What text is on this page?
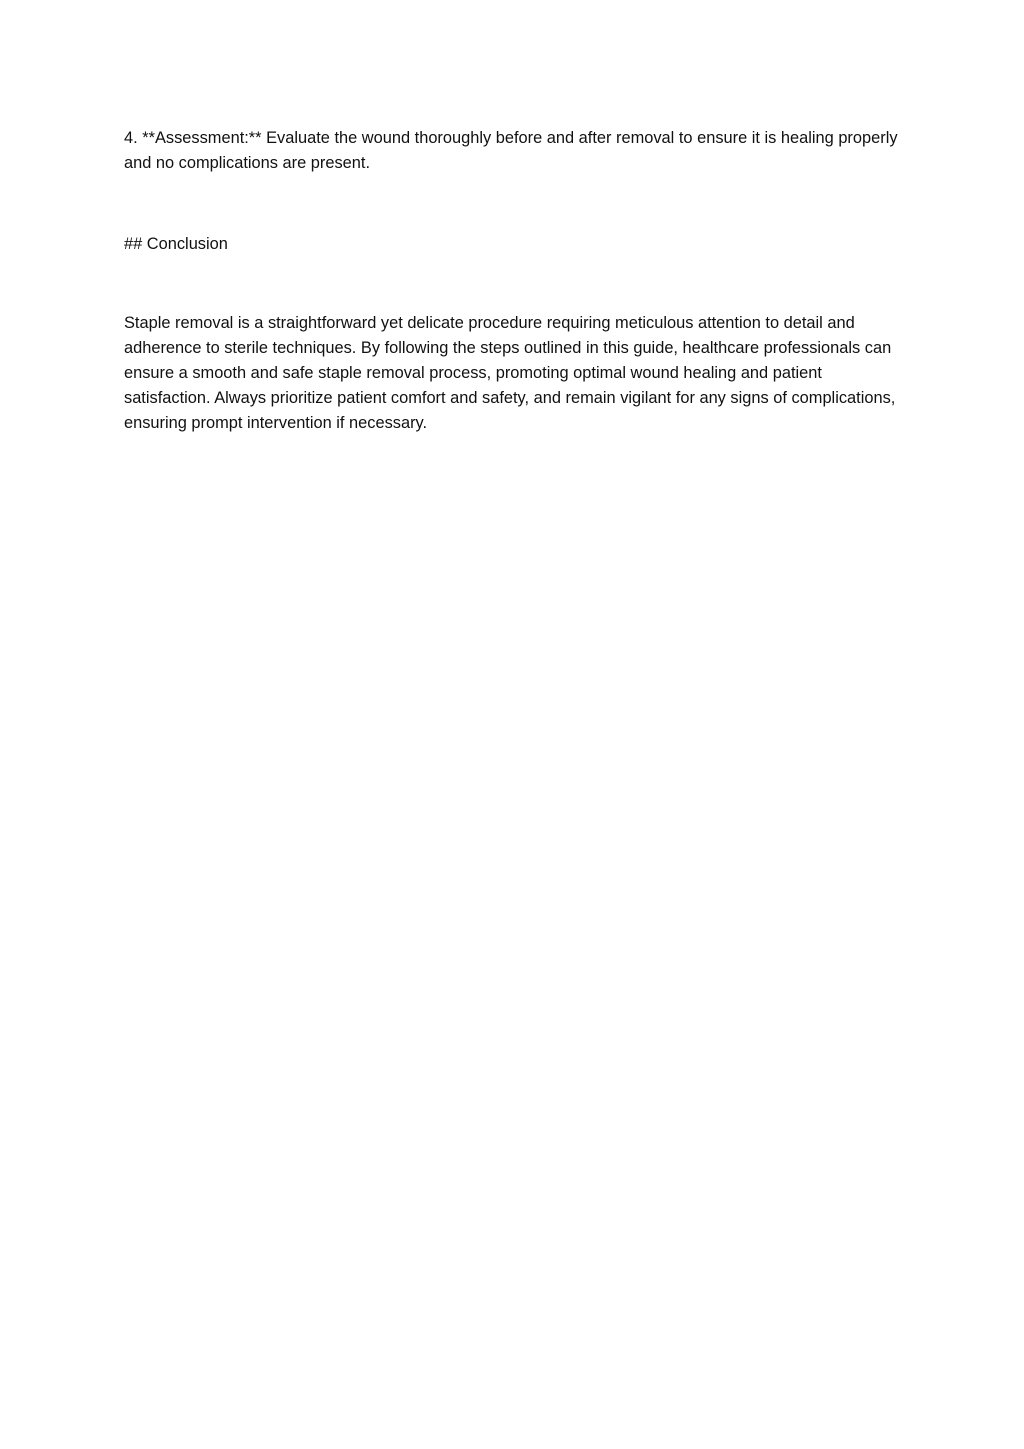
4. **Assessment:** Evaluate the wound thoroughly before and after removal to ensure it is healing properly and no complications are present.

## Conclusion

Staple removal is a straightforward yet delicate procedure requiring meticulous attention to detail and adherence to sterile techniques. By following the steps outlined in this guide, healthcare professionals can ensure a smooth and safe staple removal process, promoting optimal wound healing and patient satisfaction. Always prioritize patient comfort and safety, and remain vigilant for any signs of complications, ensuring prompt intervention if necessary.
